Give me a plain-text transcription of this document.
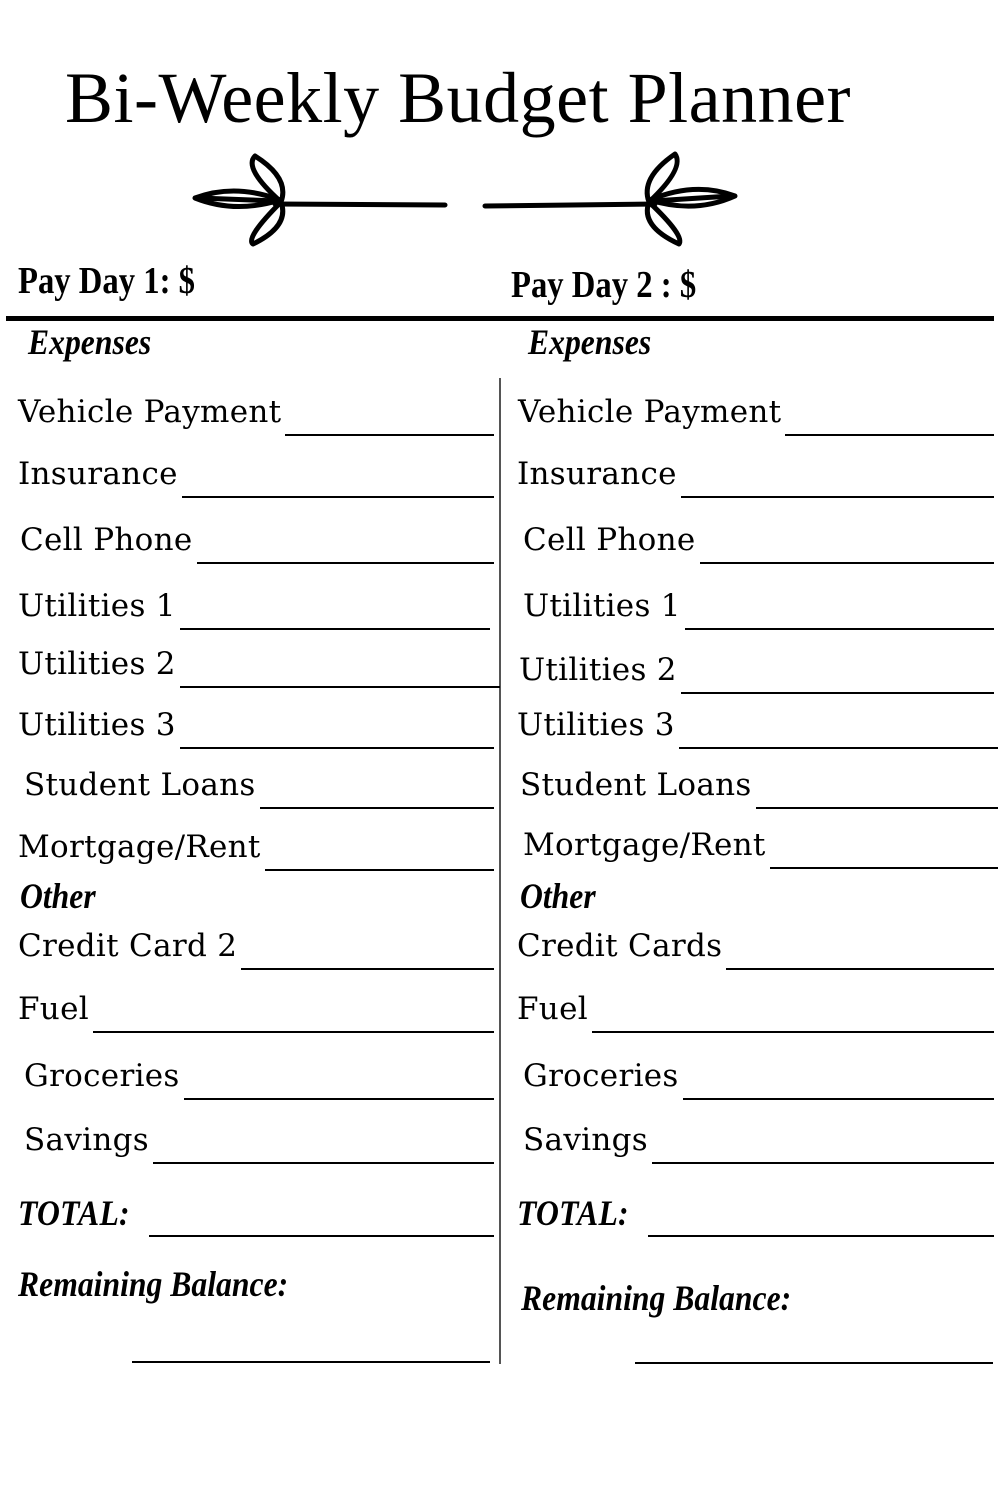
Bi-Weekly Budget Planner
Pay Day 1: $	Pay Day 2 : $
Expenses
Vehicle Payment
Insurance
Cell Phone
Utilities 1
Utilities 2
Utilities 3
Student Loans
Mortgage/Rent
Other
Credit Card 2
Fuel
Groceries
Savings
TOTAL:
Remaining Balance:
Expenses
Vehicle Payment
Insurance
Cell Phone
Utilities 1
Utilities 2
Utilities 3
Student Loans
Mortgage/Rent
Other
Credit Cards
Fuel
Groceries
Savings
TOTAL:
Remaining Balance:
